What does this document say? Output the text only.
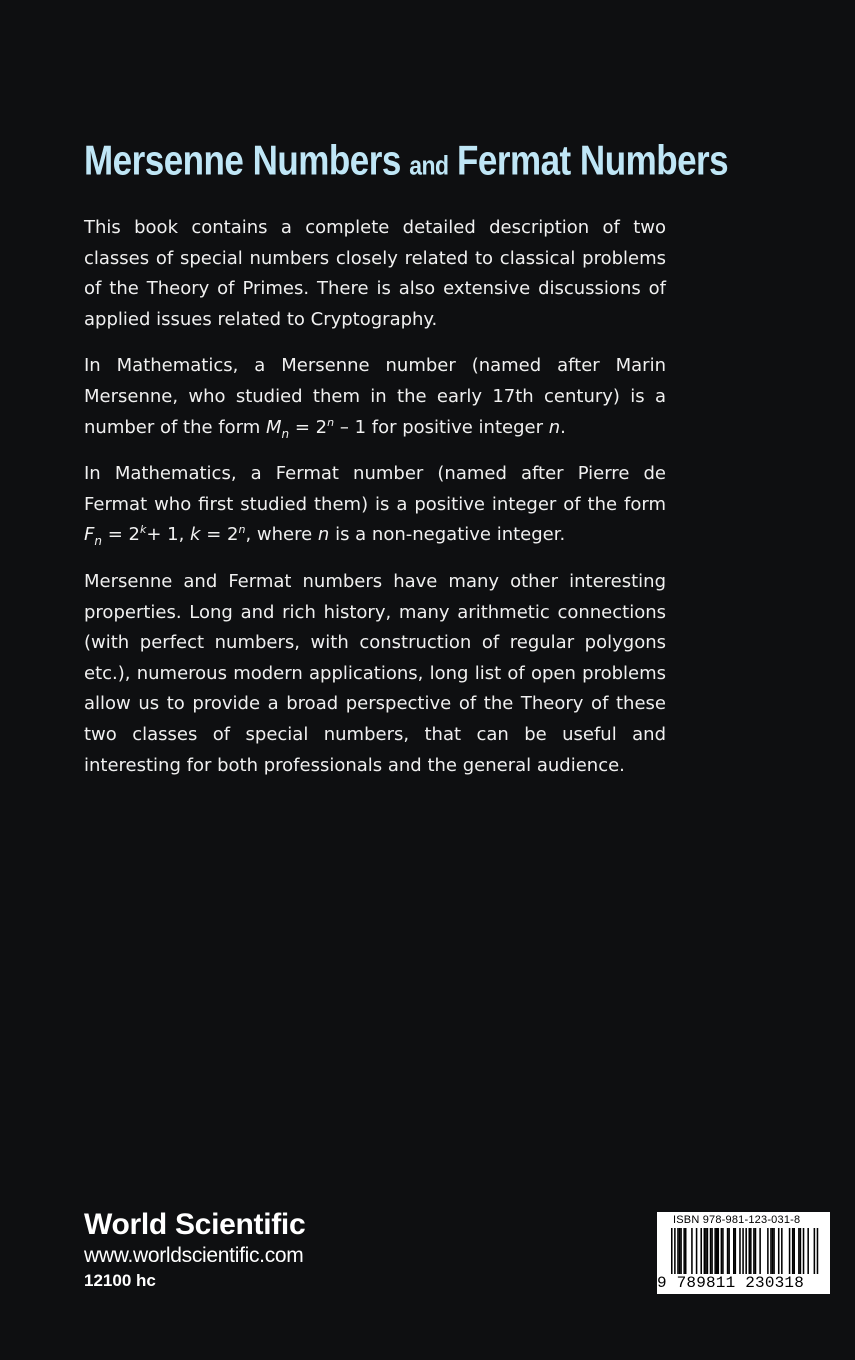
Mersenne Numbers and Fermat Numbers

This book contains a complete detailed description of two classes of special numbers closely related to classical problems of the Theory of Primes. There is also extensive discussions of applied issues related to Cryptography.

In Mathematics, a Mersenne number (named after Marin Mersenne, who studied them in the early 17th century) is a number of the form $M_n = 2^n - 1$ for positive integer n.

In Mathematics, a Fermat number (named after Pierre de Fermat who first studied them) is a positive integer of the form $F_n = 2^k+ 1$, $k = 2^n$, where n is a non-negative integer.

Mersenne and Fermat numbers have many other interesting properties. Long and rich history, many arithmetic connections (with perfect numbers, with construction of regular polygons etc.), numerous modern applications, long list of open problems allow us to provide a broad perspective of the Theory of these two classes of special numbers, that can be useful and interesting for both professionals and the general audience.

World Scientific
www.worldscientific.com
12100 hc
ISBN 978-981-123-031-8
9 789811 230318
